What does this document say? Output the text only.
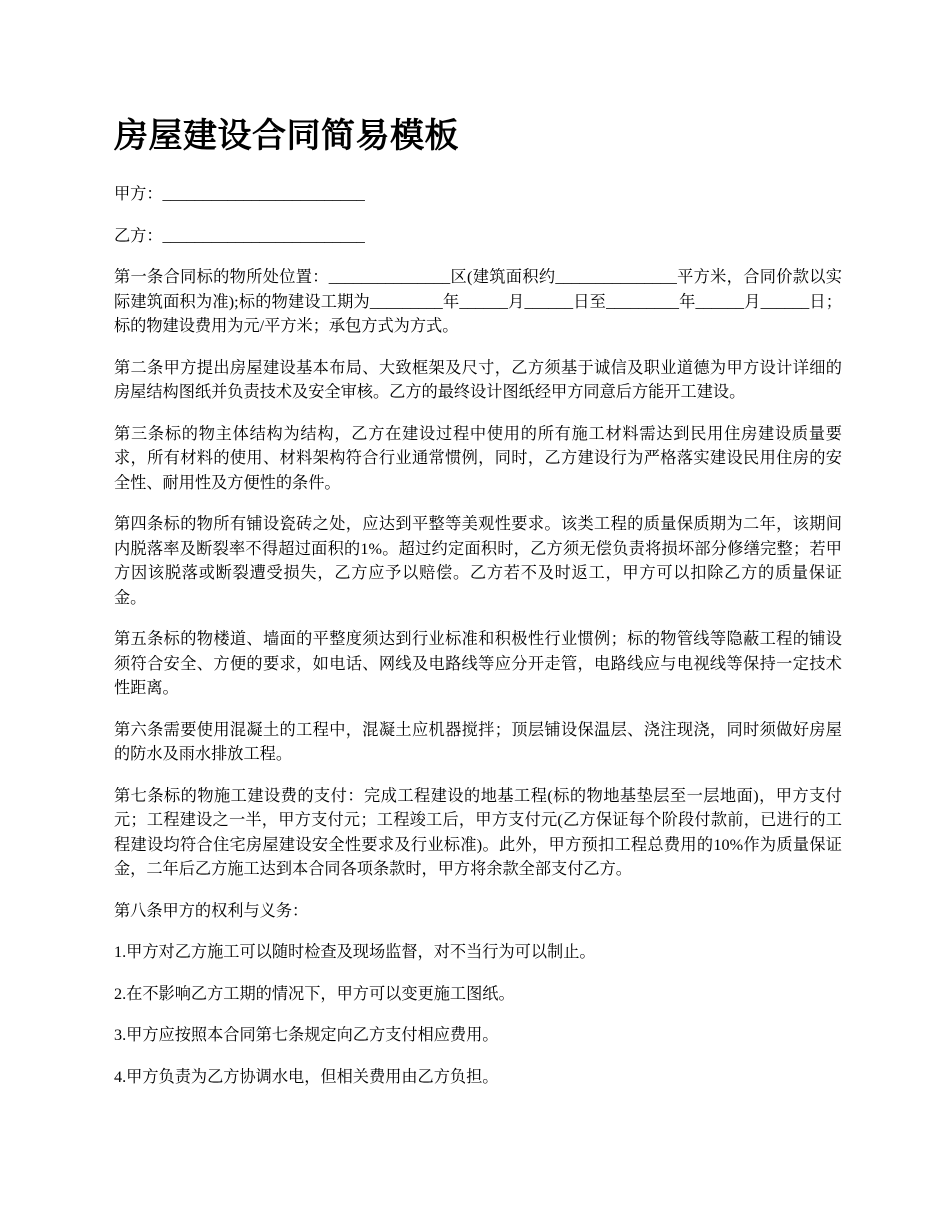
房屋建设合同简易模板

甲方：_________________________

乙方：_________________________

第一条合同标的物所处位置：_______________区(建筑面积约_______________平方米，合同价款以实际建筑面积为准);标的物建设工期为_________年______月______日至_________年______月______日；标的物建设费用为元/平方米；承包方式为方式。

第二条甲方提出房屋建设基本布局、大致框架及尺寸，乙方须基于诚信及职业道德为甲方设计详细的房屋结构图纸并负责技术及安全审核。乙方的最终设计图纸经甲方同意后方能开工建设。

第三条标的物主体结构为结构，乙方在建设过程中使用的所有施工材料需达到民用住房建设质量要求，所有材料的使用、材料架构符合行业通常惯例，同时，乙方建设行为严格落实建设民用住房的安全性、耐用性及方便性的条件。

第四条标的物所有铺设瓷砖之处，应达到平整等美观性要求。该类工程的质量保质期为二年，该期间内脱落率及断裂率不得超过面积的1%。超过约定面积时，乙方须无偿负责将损坏部分修缮完整；若甲方因该脱落或断裂遭受损失，乙方应予以赔偿。乙方若不及时返工，甲方可以扣除乙方的质量保证金。

第五条标的物楼道、墙面的平整度须达到行业标准和积极性行业惯例；标的物管线等隐蔽工程的铺设须符合安全、方便的要求，如电话、网线及电路线等应分开走管，电路线应与电视线等保持一定技术性距离。

第六条需要使用混凝土的工程中，混凝土应机器搅拌；顶层铺设保温层、浇注现浇，同时须做好房屋的防水及雨水排放工程。

第七条标的物施工建设费的支付：完成工程建设的地基工程(标的物地基垫层至一层地面)，甲方支付元；工程建设之一半，甲方支付元；工程竣工后，甲方支付元(乙方保证每个阶段付款前，已进行的工程建设均符合住宅房屋建设安全性要求及行业标准)。此外，甲方预扣工程总费用的10%作为质量保证金，二年后乙方施工达到本合同各项条款时，甲方将余款全部支付乙方。

第八条甲方的权利与义务：

1.甲方对乙方施工可以随时检查及现场监督，对不当行为可以制止。

2.在不影响乙方工期的情况下，甲方可以变更施工图纸。

3.甲方应按照本合同第七条规定向乙方支付相应费用。

4.甲方负责为乙方协调水电，但相关费用由乙方负担。
